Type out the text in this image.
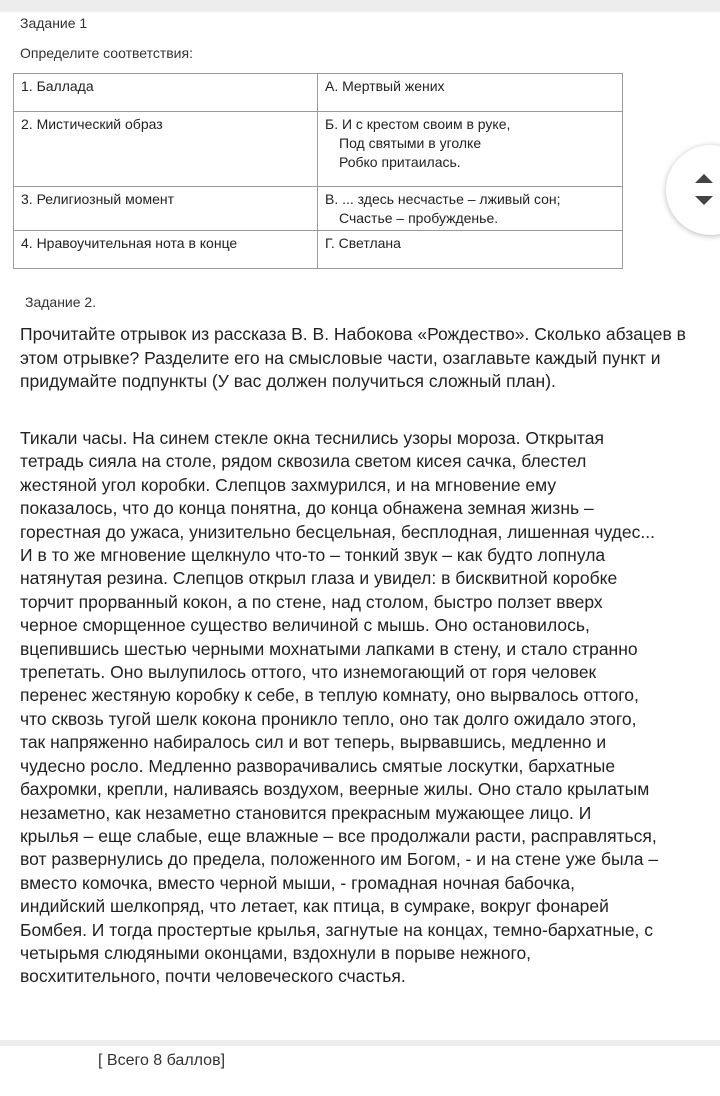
Задание 1
Определите соответствия:
1. Баллада	А. Мертвый жених

2. Мистический образ	Б. И с крестом своим в руке,
Под святыми в уголке
Робко притаилась.

3. Религиозный момент	В. ... здесь несчастье – лживый сон;
Счастье – пробужденье.

4. Нравоучительная нота в конце	Г. Светлана
Задание 2.
Прочитайте отрывок из рассказа В. В. Набокова «Рождество». Сколько абзацев в этом отрывке? Разделите его на смысловые части, озаглавьте каждый пункт и придумайте подпункты (У вас должен получиться сложный план).
Тикали часы. На синем стекле окна теснились узоры мороза. Открытая
тетрадь сияла на столе, рядом сквозила светом кисея сачка, блестел
жестяной угол коробки. Слепцов захмурился, и на мгновение ему
показалось, что до конца понятна, до конца обнажена земная жизнь –
горестная до ужаса, унизительно бесцельная, бесплодная, лишенная чудес...
И в то же мгновение щелкнуло что-то – тонкий звук – как будто лопнула
натянутая резина. Слепцов открыл глаза и увидел: в бисквитной коробке
торчит прорванный кокон, а по стене, над столом, быстро ползет вверх
черное сморщенное существо величиной с мышь. Оно остановилось,
вцепившись шестью черными мохнатыми лапками в стену, и стало странно
трепетать. Оно вылупилось оттого, что изнемогающий от горя человек
перенес жестяную коробку к себе, в теплую комнату, оно вырвалось оттого,
что сквозь тугой шелк кокона проникло тепло, оно так долго ожидало этого,
так напряженно набиралось сил и вот теперь, вырвавшись, медленно и
чудесно росло. Медленно разворачивались смятые лоскутки, бархатные
бахромки, крепли, наливаясь воздухом, веерные жилы. Оно стало крылатым
незаметно, как незаметно становится прекрасным мужающее лицо. И
крылья – еще слабые, еще влажные – все продолжали расти, расправляться,
вот развернулись до предела, положенного им Богом, - и на стене уже была –
вместо комочка, вместо черной мыши, - громадная ночная бабочка,
индийский шелкопряд, что летает, как птица, в сумраке, вокруг фонарей
Бомбея. И тогда простертые крылья, загнутые на концах, темно-бархатные, с
четырьмя слюдяными оконцами, вздохнули в порыве нежного,
восхитительного, почти человеческого счастья.
[ Всего 8 баллов]
